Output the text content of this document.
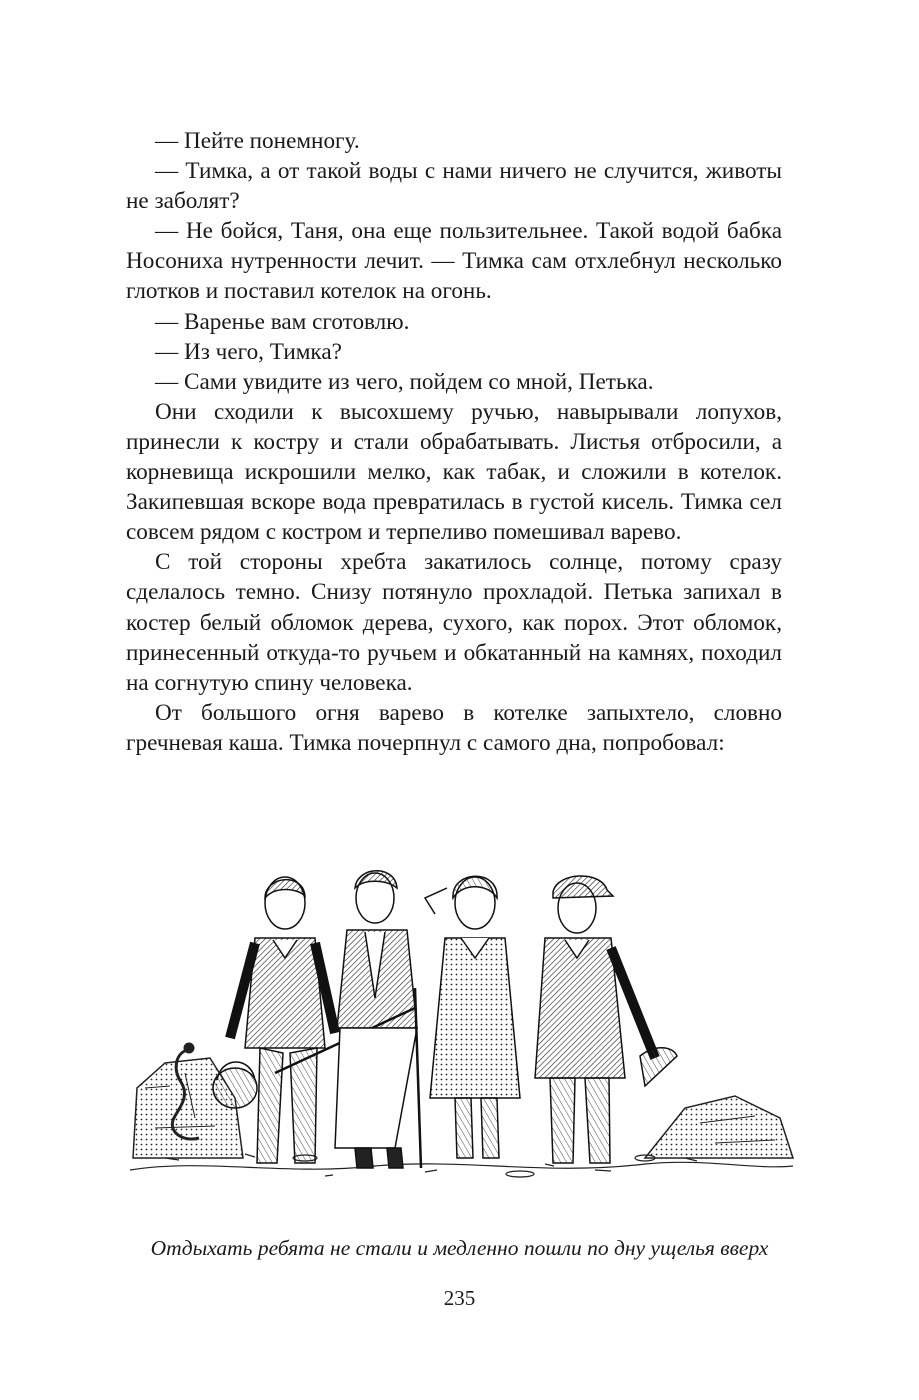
— Пейте понемногу.

— Тимка, а от такой воды с нами ничего не случится, животы не заболят?

— Не бойся, Таня, она еще пользительнее. Такой водой бабка Носониха нутренности лечит. — Тимка сам отхлебнул несколько глотков и поставил котелок на огонь.

— Варенье вам сготовлю.

— Из чего, Тимка?

— Сами увидите из чего, пойдем со мной, Петька.

Они сходили к высохшему ручью, навырывали лопухов, принесли к костру и стали обрабатывать. Листья отбросили, а корневища искрошили мелко, как табак, и сложили в котелок. Закипевшая вскоре вода превратилась в густой кисель. Тимка сел совсем рядом с костром и терпеливо помешивал варево.

С той стороны хребта закатилось солнце, потому сразу сделалось темно. Снизу потянуло прохладой. Петька запихал в костер белый обломок дерева, сухого, как порох. Этот обломок, принесенный откуда-то ручьем и обкатанный на камнях, походил на согнутую спину человека.

От большого огня варево в котелке запыхтело, словно гречневая каша. Тимка почерпнул с самого дна, попробовал:

Отдыхать ребята не стали и медленно пошли по дну ущелья вверх
235
